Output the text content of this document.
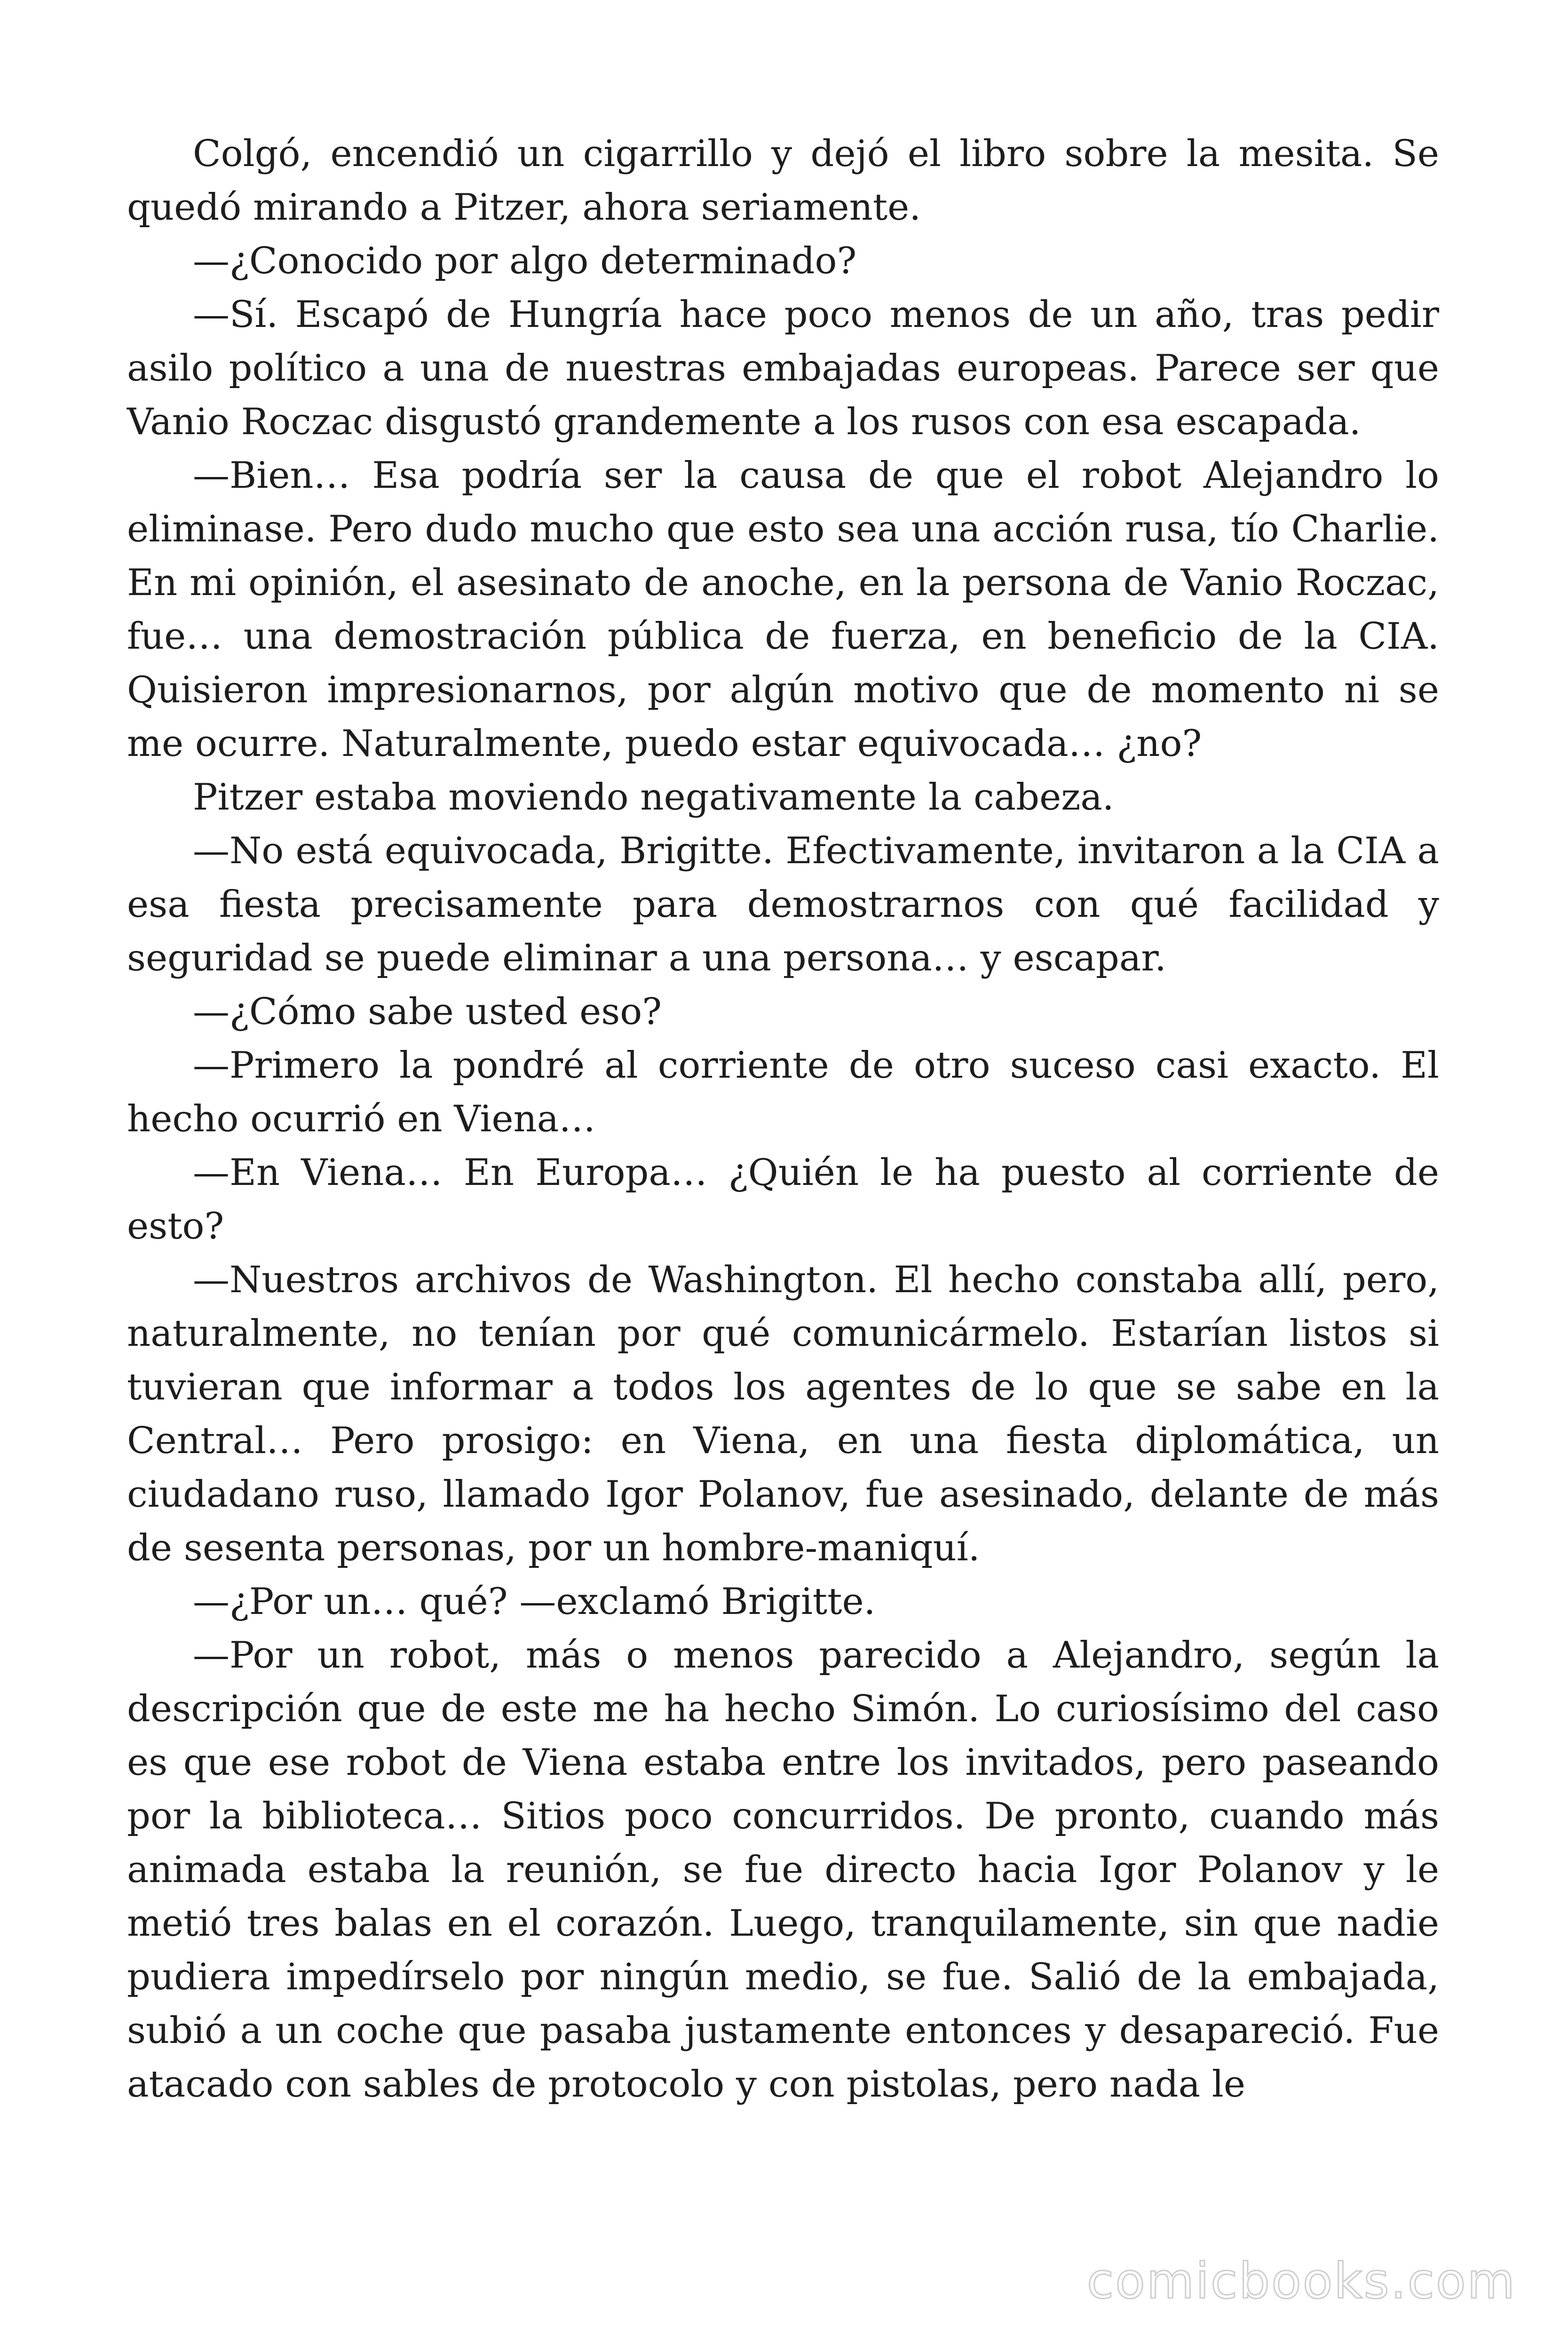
Colgó, encendió un cigarrillo y dejó el libro sobre la mesita. Se quedó mirando a Pitzer, ahora seriamente.

—¿Conocido por algo determinado?

—Sí. Escapó de Hungría hace poco menos de un año, tras pedir asilo político a una de nuestras embajadas europeas. Parece ser que Vanio Roczac disgustó grandemente a los rusos con esa escapada.

—Bien… Esa podría ser la causa de que el robot Alejandro lo eliminase. Pero dudo mucho que esto sea una acción rusa, tío Charlie. En mi opinión, el asesinato de anoche, en la persona de Vanio Roczac, fue… una demostración pública de fuerza, en beneficio de la CIA. Quisieron impresionarnos, por algún motivo que de momento ni se me ocurre. Naturalmente, puedo estar equivocada… ¿no?

Pitzer estaba moviendo negativamente la cabeza.

—No está equivocada, Brigitte. Efectivamente, invitaron a la CIA a esa fiesta precisamente para demostrarnos con qué facilidad y seguridad se puede eliminar a una persona… y escapar.

—¿Cómo sabe usted eso?

—Primero la pondré al corriente de otro suceso casi exacto. El hecho ocurrió en Viena…

—En Viena… En Europa… ¿Quién le ha puesto al corriente de esto?

—Nuestros archivos de Washington. El hecho constaba allí, pero, naturalmente, no tenían por qué comunicármelo. Estarían listos si tuvieran que informar a todos los agentes de lo que se sabe en la Central… Pero prosigo: en Viena, en una fiesta diplomática, un ciudadano ruso, llamado Igor Polanov, fue asesinado, delante de más de sesenta personas, por un hombre-maniquí.

—¿Por un… qué? —exclamó Brigitte.

—Por un robot, más o menos parecido a Alejandro, según la descripción que de este me ha hecho Simón. Lo curiosísimo del caso es que ese robot de Viena estaba entre los invitados, pero paseando por la biblioteca… Sitios poco concurridos. De pronto, cuando más animada estaba la reunión, se fue directo hacia Igor Polanov y le metió tres balas en el corazón. Luego, tranquilamente, sin que nadie pudiera impedírselo por ningún medio, se fue. Salió de la embajada, subió a un coche que pasaba justamente entonces y desapareció. Fue atacado con sables de protocolo y con pistolas, pero nada le

comicbooks.com
